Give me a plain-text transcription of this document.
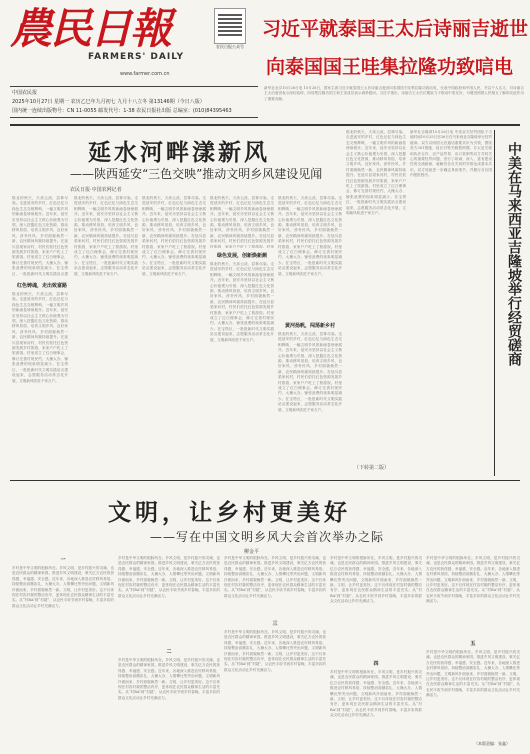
農民日報
FARMERS' DAILY
www.farmer.com.cn
农民日报公众号
习近平就泰国王太后诗丽吉逝世
向泰国国王哇集拉隆功致唁电
中国农民报
2025年10月27日 星期一 农历乙巳年九月初七 九月十八立冬 第13146期（今日八版）
国内统一连续出版物号：CN 11-0055 邮发代号：1-38 农民日报社出版 总编室：(010)84395463
新华社北京10月26日电 10月26日，国家主席习近平就泰国王太后诗丽吉逝世向泰国国王哇集拉隆功致唁电，代表中国政府和中国人民，并以个人名义，对诗丽吉王太后逝世表示深切哀悼，向哇集拉隆功国王和王室成员表示诚挚慰问。习近平指出，诗丽吉王太后长期致力于推动中泰友好，为增进两国人民相互了解和友谊作出了重要贡献。
延水河畔漾新风
——陕西延安“三色交映”推动文明乡风建设见闻
农民日报·中国农网记者
陕北的秋天，天高云淡，层林尽染。走进延安的乡村，红色记忆与绿色生态交相辉映，一幅文明乡风的新画卷徐徐展开。近年来，延安市坚持以社会主义核心价值观为引领，深入挖掘红色文化资源，推动移风易俗，培育文明乡风、良好家风、淳朴民风，乡村面貌焕然一新，农民精神风貌持续提升。在延川县梁家河村，村民们依托红色资源发展乡村旅游，家家户户吃上了旅游饭。村里成立了红白理事会，修订完善村规民约，大操大办、铺张浪费的现象明显减少。在宝塔区，一批批新时代文明实践站点建
红色铸魂，走出致富路
陕北的秋天，天高云淡，层林尽染。走进延安的乡村，红色记忆与绿色生态交相辉映，一幅文明乡风的新画卷徐徐展开。近年来，延安市坚持以社会主义核心价值观为引领，深入挖掘红色文化资源，推动移风易俗，培育文明乡风、良好家风、淳朴民风，乡村面貌焕然一新，农民精神风貌持续提升。在延川县梁家河村，村民们依托红色资源发展乡村旅游，家家户户吃上了旅游饭。村里成立了红白理事会，修订完善村规民约，大操大办、铺张浪费的现象明显减少。在宝塔区，一批批新时代文明实践站点建设起来，志愿服务活动常态化开展，文明新风吹进千家万户。
陕北的秋天，天高云淡，层林尽染。走进延安的乡村，红色记忆与绿色生态交相辉映，一幅文明乡风的新画卷徐徐展开。近年来，延安市坚持以社会主义核心价值观为引领，深入挖掘红色文化资源，推动移风易俗，培育文明乡风、良好家风、淳朴民风，乡村面貌焕然一新，农民精神风貌持续提升。在延川县梁家河村，村民们依托红色资源发展乡村旅游，家家户户吃上了旅游饭。村里成立了红白理事会，修订完善村规民约，大操大办、铺张浪费的现象明显减少。在宝塔区，一批批新时代文明实践站点建设起来，志愿服务活动常态化开展，文明新风吹进千家万户。
陕北的秋天，天高云淡，层林尽染。走进延安的乡村，红色记忆与绿色生态交相辉映，一幅文明乡风的新画卷徐徐展开。近年来，延安市坚持以社会主义核心价值观为引领，深入挖掘红色文化资源，推动移风易俗，培育文明乡风、良好家风、淳朴民风，乡村面貌焕然一新，农民精神风貌持续提升。在延川县梁家河村，村民们依托红色资源发展乡村旅游，家家户户吃上了旅游饭。村里成立了红白理事会，修订完善村规民约，大操大办、铺张浪费的现象明显减少。在宝塔区，一批批新时代文明实践站点建设起来，志愿服务活动常态化开展，文明新风吹进千家万户。
绿色发展，创新焕新颜
陕北的秋天，天高云淡，层林尽染。走进延安的乡村，红色记忆与绿色生态交相辉映，一幅文明乡风的新画卷徐徐展开。近年来，延安市坚持以社会主义核心价值观为引领，深入挖掘红色文化资源，推动移风易俗，培育文明乡风、良好家风、淳朴民风，乡村面貌焕然一新，农民精神风貌持续提升。在延川县梁家河村，村民们依托红色资源发展乡村旅游，家家户户吃上了旅游饭。村里
陕北的秋天，天高云淡，层林尽染。走进延安的乡村，红色记忆与绿色生态交相辉映，一幅文明乡风的新画卷徐徐展开。近年来，延安市坚持以社会主义核心价值观为引领，深入挖掘红色文化资源，推动移风易俗，培育文明乡风、良好家风、淳朴民风，乡村面貌焕然一新，农民精神风貌持续提升。在延川县梁家河村，村民们依托红色资源发展乡村旅游，家家户户吃上了旅游饭。村里成立了红白理事会，修订完善村规民约，大操大办、铺张浪费的现象明显减少。在宝塔区，一批批新时代文明实践站点建设起来，志愿服务活动常态化开展，文明新风吹进千家万户。
陕北的秋天，天高云淡，层林尽染。走进延安的乡村，红色记忆与绿色生态交相辉映，一幅文明乡风的新画卷徐徐展开。近年来，延安市坚持以社会主义核心价值观为引领，深入挖掘红色文化资源，推动移风易俗，培育文明乡风、良好家风、淳朴民风，乡村面貌焕然一新，农民精神风貌持续提升。在延川县梁家河村，村民们依托红色资源发展乡村旅游，家家户户吃上了旅游饭。村里成立了红白理事会，修订完善村规民约，大操大办、铺张浪费的现象明显减少。在宝塔区，一批批新时代文明实践站点建设起来，志愿服务活动常态化开展，文明新风吹进千家万户。
黄河扬帆，闯荡新乡村
陕北的秋天，天高云淡，层林尽染。走进延安的乡村，红色记忆与绿色生态交相辉映，一幅文明乡风的新画卷徐徐展开。近年来，延安市坚持以社会主义核心价值观为引领，深入挖掘红色文化资源，推动移风易俗，培育文明乡风、良好家风、淳朴民风，乡村面貌焕然一新，农民精神风貌持续提升。在延川县梁家河村，村民们依托红色资源发展乡村旅游，家家户户吃上了旅游饭。村里成立了红白理事会，修订完善村规民约，大操大办、铺张浪费的现象明显减少。在宝塔区，一批批新时代文明实践站点建设起来，志愿服务活动常态化开展，文明新风吹进千家万户。
陕北的秋天，天高云淡，层林尽染。走进延安的乡村，红色记忆与绿色生态交相辉映，一幅文明乡风的新画卷徐徐展开。近年来，延安市坚持以社会主义核心价值观为引领，深入挖掘红色文化资源，推动移风易俗，培育文明乡风、良好家风、淳朴民风，乡村面貌焕然一新，农民精神风貌持续提升。在延川县梁家河村，村民们依托红色资源发展乡村旅游，家家户户吃上了旅游饭。村里成立了红白理事会，修订完善村规民约，大操大办、铺张浪费的现象明显减少。在宝塔区，一批批新时代文明实践站点建设起来，志愿服务活动常态化开展，文明新风吹进千家万户。
（下转第二版）
新华社吉隆坡10月26日电 中美双方经贸团队于当地时间10月25日至26日在马来西亚吉隆坡举行经贸磋商。双方以两国元首通话重要共识为引领，围绕美方301措施、延长对等关税暂停期、芬太尼关税和执法合作、农产品贸易、出口管制等双方共同关心的重要经贸问题，进行了坦诚、深入、富有建设性的交流磋商，就解决各自关切的安排达成基本共识。双方同意进一步确定具体细节，并履行各自国内报批程序。	中美在马来西亚吉隆坡举行经贸磋商
文明，让乡村更美好
——写在中国文明乡风大会首次举办之际
柳金平
一
乡村是中华文明的根脉所在。乡风文明，是乡村振兴的灵魂，也是农民群众的精神家园。推进乡风文明建设，事关亿万农民的获得感、幸福感、安全感。近年来，各地深入推进农村移风易俗，持续整治高额彩礼、大操大办、人情攀比等突出问题，文明新风扑面而来，乡村面貌焕然一新。文明，让乡村更美好。这不仅体现在村容村貌的整洁有序，更体现在农民群众精神生活的丰富充实。从“村BA”到“村超”，从农民丰收节到乡村春晚，丰富多彩的群众文化活动让乡村充满活力。
乡村是中华文明的根脉所在。乡风文明，是乡村振兴的灵魂，也是农民群众的精神家园。推进乡风文明建设，事关亿万农民的获得感、幸福感、安全感。近年来，各地深入推进农村移风易俗，持续整治高额彩礼、大操大办、人情攀比等突出问题，文明新风扑面而来，乡村面貌焕然一新。文明，让乡村更美好。这不仅体现在村容村貌的整洁有序，更体现在农民群众精神生活的丰富充实。从“村BA”到“村超”，从农民丰收节到乡村春晚，丰富多彩的群众文化活动让乡村充满活力。
二
乡村是中华文明的根脉所在。乡风文明，是乡村振兴的灵魂，也是农民群众的精神家园。推进乡风文明建设，事关亿万农民的获得感、幸福感、安全感。近年来，各地深入推进农村移风易俗，持续整治高额彩礼、大操大办、人情攀比等突出问题，文明新风扑面而来，乡村面貌焕然一新。文明，让乡村更美好。这不仅体现在村容村貌的整洁有序，更体现在农民群众精神生活的丰富充实。从“村BA”到“村超”，从农民丰收节到乡村春晚，丰富多彩的群众文化活动让乡村充满活力。
乡村是中华文明的根脉所在。乡风文明，是乡村振兴的灵魂，也是农民群众的精神家园。推进乡风文明建设，事关亿万农民的获得感、幸福感、安全感。近年来，各地深入推进农村移风易俗，持续整治高额彩礼、大操大办、人情攀比等突出问题，文明新风扑面而来，乡村面貌焕然一新。文明，让乡村更美好。这不仅体现在村容村貌的整洁有序，更体现在农民群众精神生活的丰富充实。从“村BA”到“村超”，从农民丰收节到乡村春晚，丰富多彩的群众文化活动让乡村充满活力。
三
乡村是中华文明的根脉所在。乡风文明，是乡村振兴的灵魂，也是农民群众的精神家园。推进乡风文明建设，事关亿万农民的获得感、幸福感、安全感。近年来，各地深入推进农村移风易俗，持续整治高额彩礼、大操大办、人情攀比等突出问题，文明新风扑面而来，乡村面貌焕然一新。文明，让乡村更美好。这不仅体现在村容村貌的整洁有序，更体现在农民群众精神生活的丰富充实。从“村BA”到“村超”，从农民丰收节到乡村春晚，丰富多彩的群众文化活动让乡村充满活力。
乡村是中华文明的根脉所在。乡风文明，是乡村振兴的灵魂，也是农民群众的精神家园。推进乡风文明建设，事关亿万农民的获得感、幸福感、安全感。近年来，各地深入推进农村移风易俗，持续整治高额彩礼、大操大办、人情攀比等突出问题，文明新风扑面而来，乡村面貌焕然一新。文明，让乡村更美好。这不仅体现在村容村貌的整洁有序，更体现在农民群众精神生活的丰富充实。从“村BA”到“村超”，从农民丰收节到乡村春晚，丰富多彩的群众文化活动让乡村充满活力。
四
乡村是中华文明的根脉所在。乡风文明，是乡村振兴的灵魂，也是农民群众的精神家园。推进乡风文明建设，事关亿万农民的获得感、幸福感、安全感。近年来，各地深入推进农村移风易俗，持续整治高额彩礼、大操大办、人情攀比等突出问题，文明新风扑面而来，乡村面貌焕然一新。文明，让乡村更美好。这不仅体现在村容村貌的整洁有序，更体现在农民群众精神生活的丰富充实。从“村BA”到“村超”，从农民丰收节到乡村春晚，丰富多彩的群众文化活动让乡村充满活力。
乡村是中华文明的根脉所在。乡风文明，是乡村振兴的灵魂，也是农民群众的精神家园。推进乡风文明建设，事关亿万农民的获得感、幸福感、安全感。近年来，各地深入推进农村移风易俗，持续整治高额彩礼、大操大办、人情攀比等突出问题，文明新风扑面而来，乡村面貌焕然一新。文明，让乡村更美好。这不仅体现在村容村貌的整洁有序，更体现在农民群众精神生活的丰富充实。从“村BA”到“村超”，从农民丰收节到乡村春晚，丰富多彩的群众文化活动让乡村充满活力。
五
乡村是中华文明的根脉所在。乡风文明，是乡村振兴的灵魂，也是农民群众的精神家园。推进乡风文明建设，事关亿万农民的获得感、幸福感、安全感。近年来，各地深入推进农村移风易俗，持续整治高额彩礼、大操大办、人情攀比等突出问题，文明新风扑面而来，乡村面貌焕然一新。文明，让乡村更美好。这不仅体现在村容村貌的整洁有序，更体现在农民群众精神生活的丰富充实。从“村BA”到“村超”，从农民丰收节到乡村春晚，丰富多彩的群众文化活动让乡村充满活力。
（本版责编：张鑫）
